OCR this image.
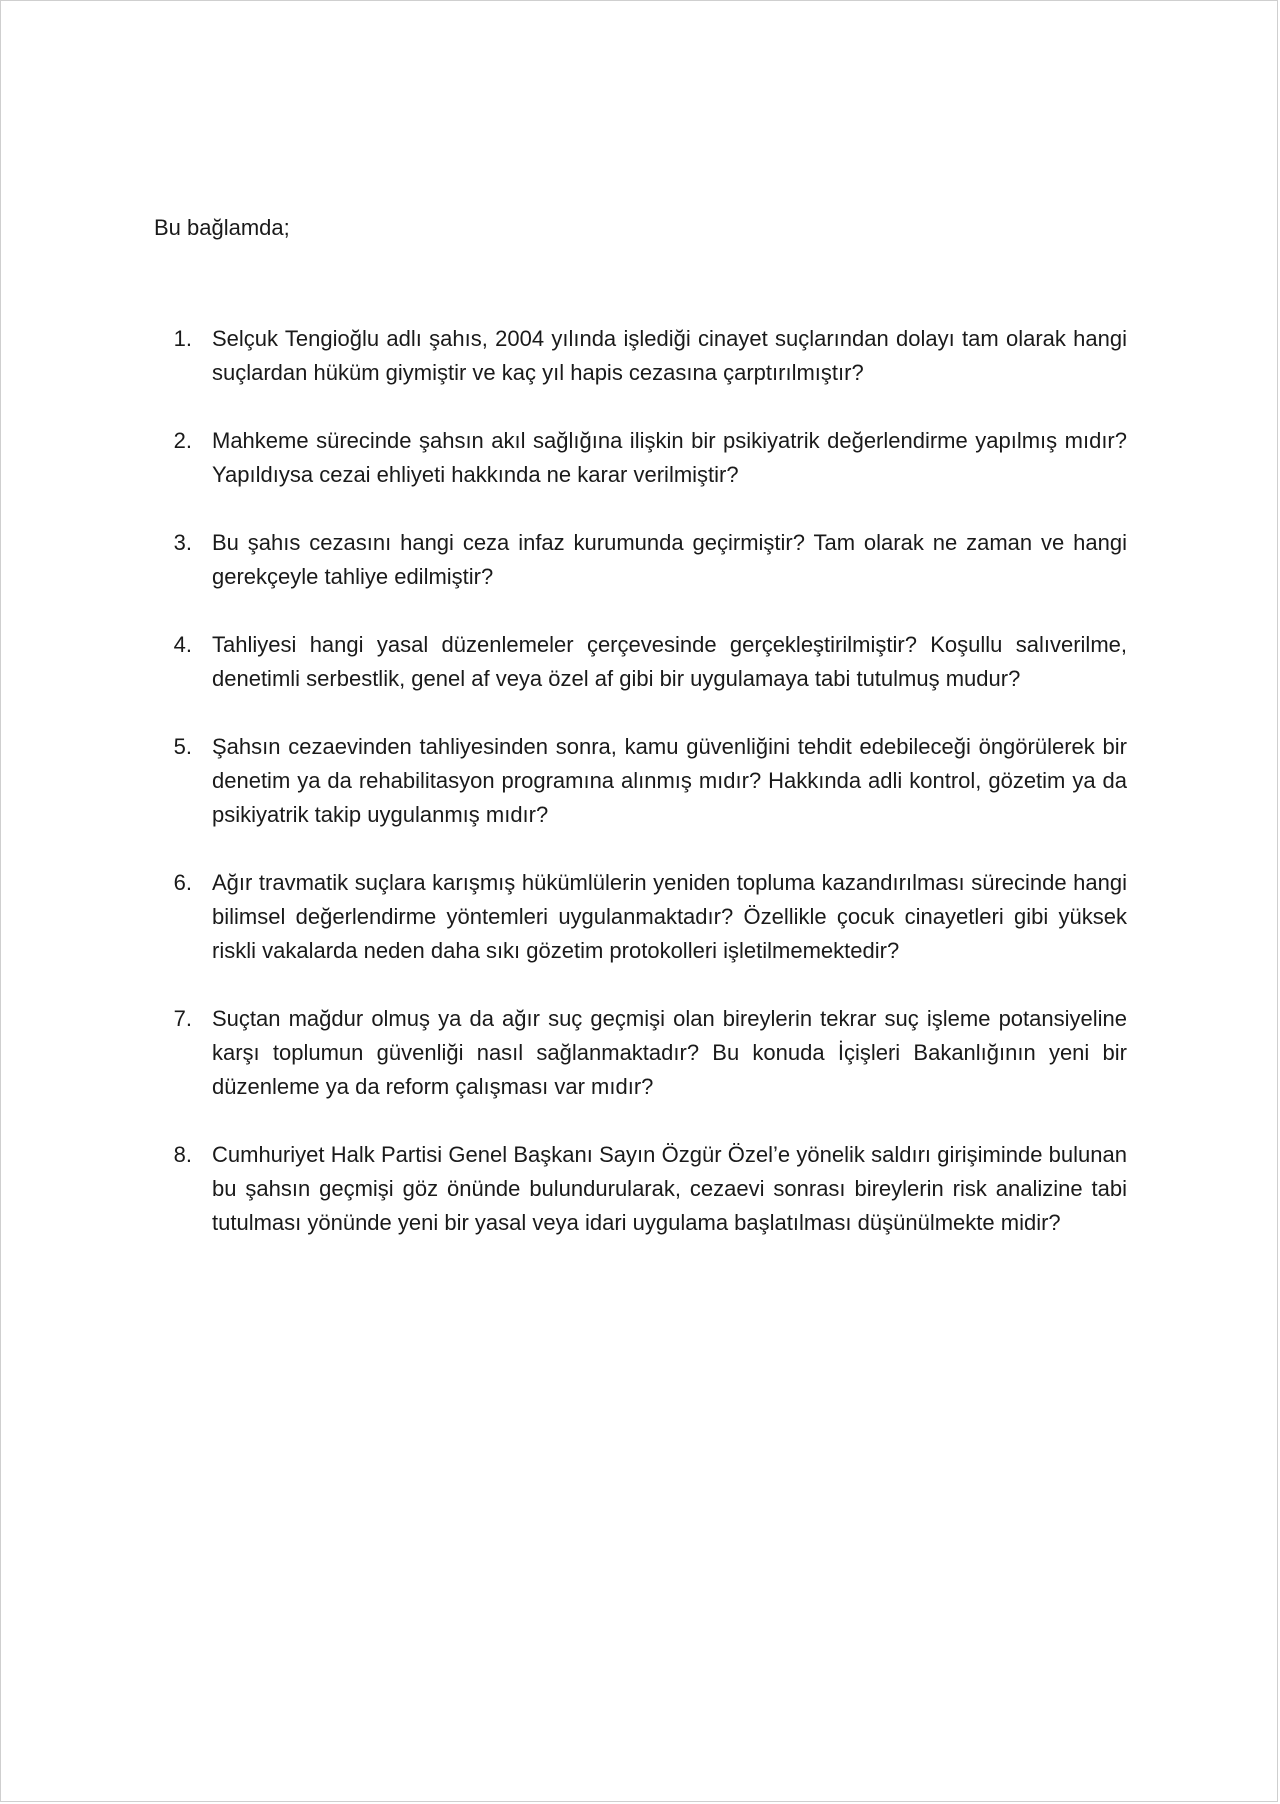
Bu bağlamda;

1. Selçuk Tengioğlu adlı şahıs, 2004 yılında işlediği cinayet suçlarından dolayı tam olarak hangi suçlardan hüküm giymiştir ve kaç yıl hapis cezasına çarptırılmıştır?
2. Mahkeme sürecinde şahsın akıl sağlığına ilişkin bir psikiyatrik değerlendirme yapılmış mıdır? Yapıldıysa cezai ehliyeti hakkında ne karar verilmiştir?
3. Bu şahıs cezasını hangi ceza infaz kurumunda geçirmiştir? Tam olarak ne zaman ve hangi gerekçeyle tahliye edilmiştir?
4. Tahliyesi hangi yasal düzenlemeler çerçevesinde gerçekleştirilmiştir? Koşullu salıverilme, denetimli serbestlik, genel af veya özel af gibi bir uygulamaya tabi tutulmuş mudur?
5. Şahsın cezaevinden tahliyesinden sonra, kamu güvenliğini tehdit edebileceği öngörülerek bir denetim ya da rehabilitasyon programına alınmış mıdır? Hakkında adli kontrol, gözetim ya da psikiyatrik takip uygulanmış mıdır?
6. Ağır travmatik suçlara karışmış hükümlülerin yeniden topluma kazandırılması sürecinde hangi bilimsel değerlendirme yöntemleri uygulanmaktadır? Özellikle çocuk cinayetleri gibi yüksek riskli vakalarda neden daha sıkı gözetim protokolleri işletilmemektedir?
7. Suçtan mağdur olmuş ya da ağır suç geçmişi olan bireylerin tekrar suç işleme potansiyeline karşı toplumun güvenliği nasıl sağlanmaktadır? Bu konuda İçişleri Bakanlığının yeni bir düzenleme ya da reform çalışması var mıdır?
8. Cumhuriyet Halk Partisi Genel Başkanı Sayın Özgür Özel’e yönelik saldırı girişiminde bulunan bu şahsın geçmişi göz önünde bulundurularak, cezaevi sonrası bireylerin risk analizine tabi tutulması yönünde yeni bir yasal veya idari uygulama başlatılması düşünülmekte midir?
